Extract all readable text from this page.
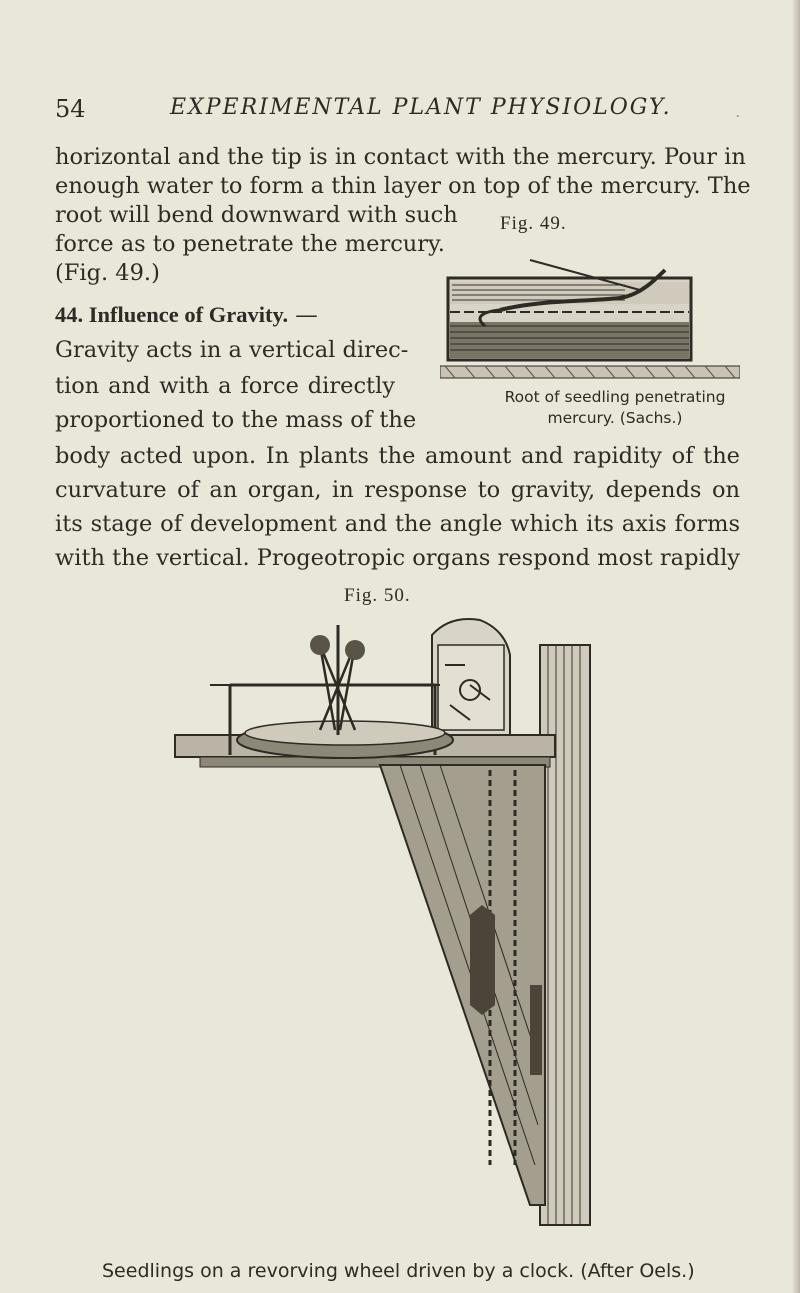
54	EXPERIMENTAL PLANT PHYSIOLOGY.	.
horizontal and the tip is in contact with the mercury. Pour in
enough water to form a thin layer on top of the mercury. The
root will bend downward with such
force as to penetrate the mercury.
(Fig. 49.)
44. Influence of Gravity. —
Gravity acts in a vertical direc-
tion and with a force directly
proportioned to the mass of the
body acted upon. In plants the amount and rapidity of the
curvature of an organ, in response to gravity, depends on
its stage of development and the angle which its axis forms
with the vertical. Progeotropic organs respond most rapidly
Fig. 49.
Root of seedling penetrating
mercury. (Sachs.)
Fig. 50.
Seedlings on a revorving wheel driven by a clock. (After Oels.)
